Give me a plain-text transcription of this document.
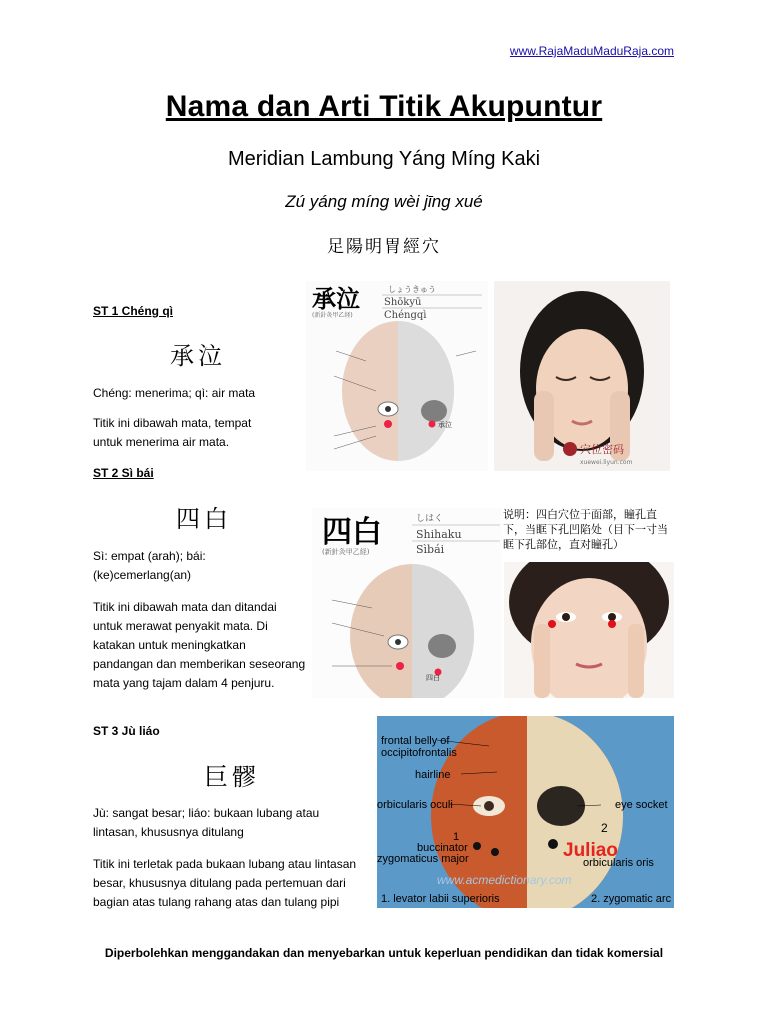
www.RajaMaduMaduRaja.com
Nama dan Arti Titik Akupuntur
Meridian Lambung Yáng Míng Kaki
Zú yáng míng wèi jīng xué
足陽明胃經穴
ST 1 Chéng qì
承泣
Chéng: menerima; qì: air mata
Titik ini dibawah mata, tempat untuk menerima air mata.
ST 2 Sì bái
四白
Sì: empat (arah); bái: (ke)cemerlang(an)
Titik ini dibawah mata dan ditandai untuk merawat penyakit mata. Di katakan untuk meningkatkan pandangan dan memberikan seseorang mata yang tajam dalam 4 penjuru.
ST 3 Jù liáo
巨髎
Jù: sangat besar; liáo: bukaan lubang atau lintasan, khususnya ditulang
Titik ini terletak pada bukaan lubang atau lintasan besar, khususnya ditulang pada pertemuan dari bagian atas tulang rahang atas dan tulang pipi
承泣	しょうきゅう
Shōkyū
Chéngqì
(新針灸甲乙経)
承泣
穴位密码
xuewei.liyun.com
四白	しはく
Shihaku
Sìbái
(新針灸甲乙経)
四白
说明：四白穴位于面部，瞳孔直下，当眶下孔凹陷处（目下一寸当眶下孔部位，直对瞳孔）
frontal belly of
occipitofrontalis
hairline
orbicularis oculi
buccinator
zygomaticus major
1. levator labii superioris
eye socket
2. zygomatic arc
Juliao
orbicularis oris
1
2
www.acmedictionary.com
Diperbolehkan menggandakan dan menyebarkan untuk keperluan pendidikan dan tidak komersial
